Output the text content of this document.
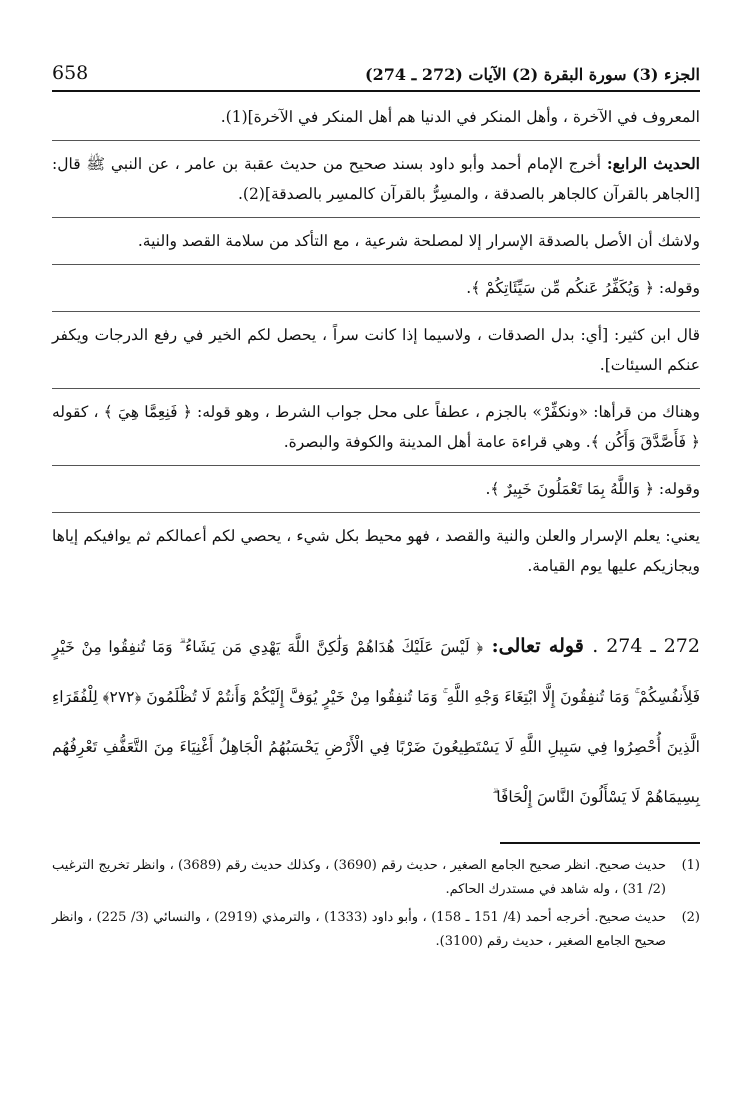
658	الجزء (3) سورة البقرة (2) الآيات (272 ـ 274)

المعروف في الآخرة ، وأهل المنكر في الدنيا هم أهل المنكر في الآخرة](1).

الحديث الرابع: أخرج الإمام أحمد وأبو داود بسند صحيح من حديث عقبة بن عامر ، عن النبي ﷺ قال: [الجاهر بالقرآن كالجاهر بالصدقة ، والمسِرُّ بالقرآن كالمسِر بالصدقة](2).

ولاشك أن الأصل بالصدقة الإسرار إلا لمصلحة شرعية ، مع التأكد من سلامة القصد والنية.

وقوله: ﴿ وَيُكَفِّرُ عَنكُم مِّن سَيِّئَاتِكُمْ ﴾.

قال ابن كثير: [أي: بدل الصدقات ، ولاسيما إذا كانت سراً ، يحصل لكم الخير في رفع الدرجات ويكفر عنكم السيئات].

وهناك من قرأها: «ونكفِّرْ» بالجزم ، عطفاً على محل جواب الشرط ، وهو قوله: ﴿ فَنِعِمَّا هِيَ ﴾ ، كقوله ﴿ فَأَصَّدَّقَ وَأَكُن ﴾. وهي قراءة عامة أهل المدينة والكوفة والبصرة.

وقوله: ﴿ وَاللَّهُ بِمَا تَعْمَلُونَ خَبِيرٌ ﴾.

يعني: يعلم الإسرار والعلن والنية والقصد ، فهو محيط بكل شيء ، يحصي لكم أعمالكم ثم يوافيكم إياها ويجازيكم عليها يوم القيامة.

272 ـ 274 . قوله تعالى: ﴿ لَيْسَ عَلَيْكَ هُدَاهُمْ وَلَٰكِنَّ اللَّهَ يَهْدِي مَن يَشَاءُ ۗ وَمَا تُنفِقُوا مِنْ خَيْرٍ فَلِأَنفُسِكُمْ ۚ وَمَا تُنفِقُونَ إِلَّا ابْتِغَاءَ وَجْهِ اللَّهِ ۚ وَمَا تُنفِقُوا مِنْ خَيْرٍ يُوَفَّ إِلَيْكُمْ وَأَنتُمْ لَا تُظْلَمُونَ ﴿٢٧٢﴾ لِلْفُقَرَاءِ الَّذِينَ أُحْصِرُوا فِي سَبِيلِ اللَّهِ لَا يَسْتَطِيعُونَ ضَرْبًا فِي الْأَرْضِ يَحْسَبُهُمُ الْجَاهِلُ أَغْنِيَاءَ مِنَ التَّعَفُّفِ تَعْرِفُهُم بِسِيمَاهُمْ لَا يَسْأَلُونَ النَّاسَ إِلْحَافًا ۗ

(1)
حديث صحيح. انظر صحيح الجامع الصغير ، حديث رقم (3690) ، وكذلك حديث رقم (3689) ، وانظر تخريج الترغيب (2/ 31) ، وله شاهد في مستدرك الحاكم.
(2)
حديث صحيح. أخرجه أحمد (4/ 151 ـ 158) ، وأبو داود (1333) ، والترمذي (2919) ، والنسائي (3/ 225) ، وانظر صحيح الجامع الصغير ، حديث رقم (3100).
